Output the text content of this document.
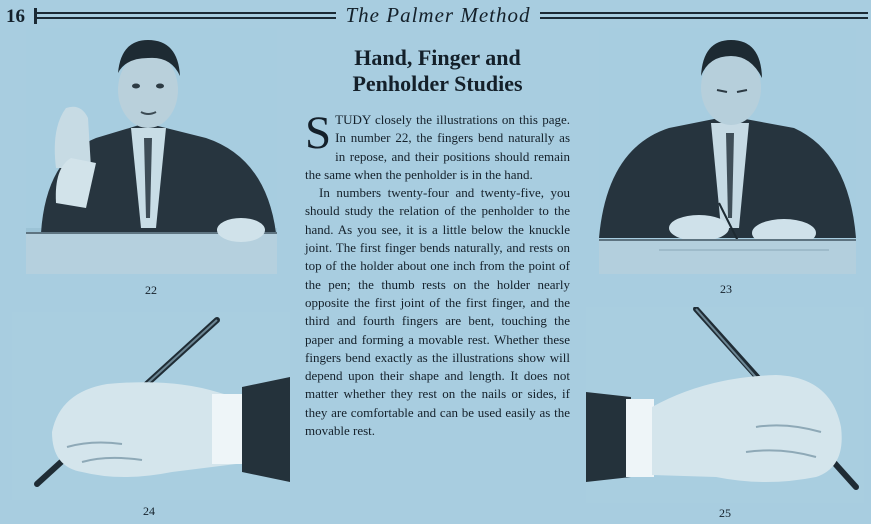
16	The Palmer Method
22	23
24	25
Hand, Finger and
Penholder Studies

STUDY closely the illustrations on this page. In number 22, the fingers bend naturally as in repose, and their positions should remain the same when the penholder is in the hand.

In numbers twenty-four and twenty-five, you should study the relation of the penholder to the hand. As you see, it is a little below the knuckle joint. The first finger bends naturally, and rests on top of the holder about one inch from the point of the pen; the thumb rests on the holder nearly opposite the first joint of the first finger, and the third and fourth fingers are bent, touching the paper and forming a movable rest. Whether these fingers bend exactly as the illustrations show will depend upon their shape and length. It does not matter whether they rest on the nails or sides, if they are comfortable and can be used easily as the movable rest.
